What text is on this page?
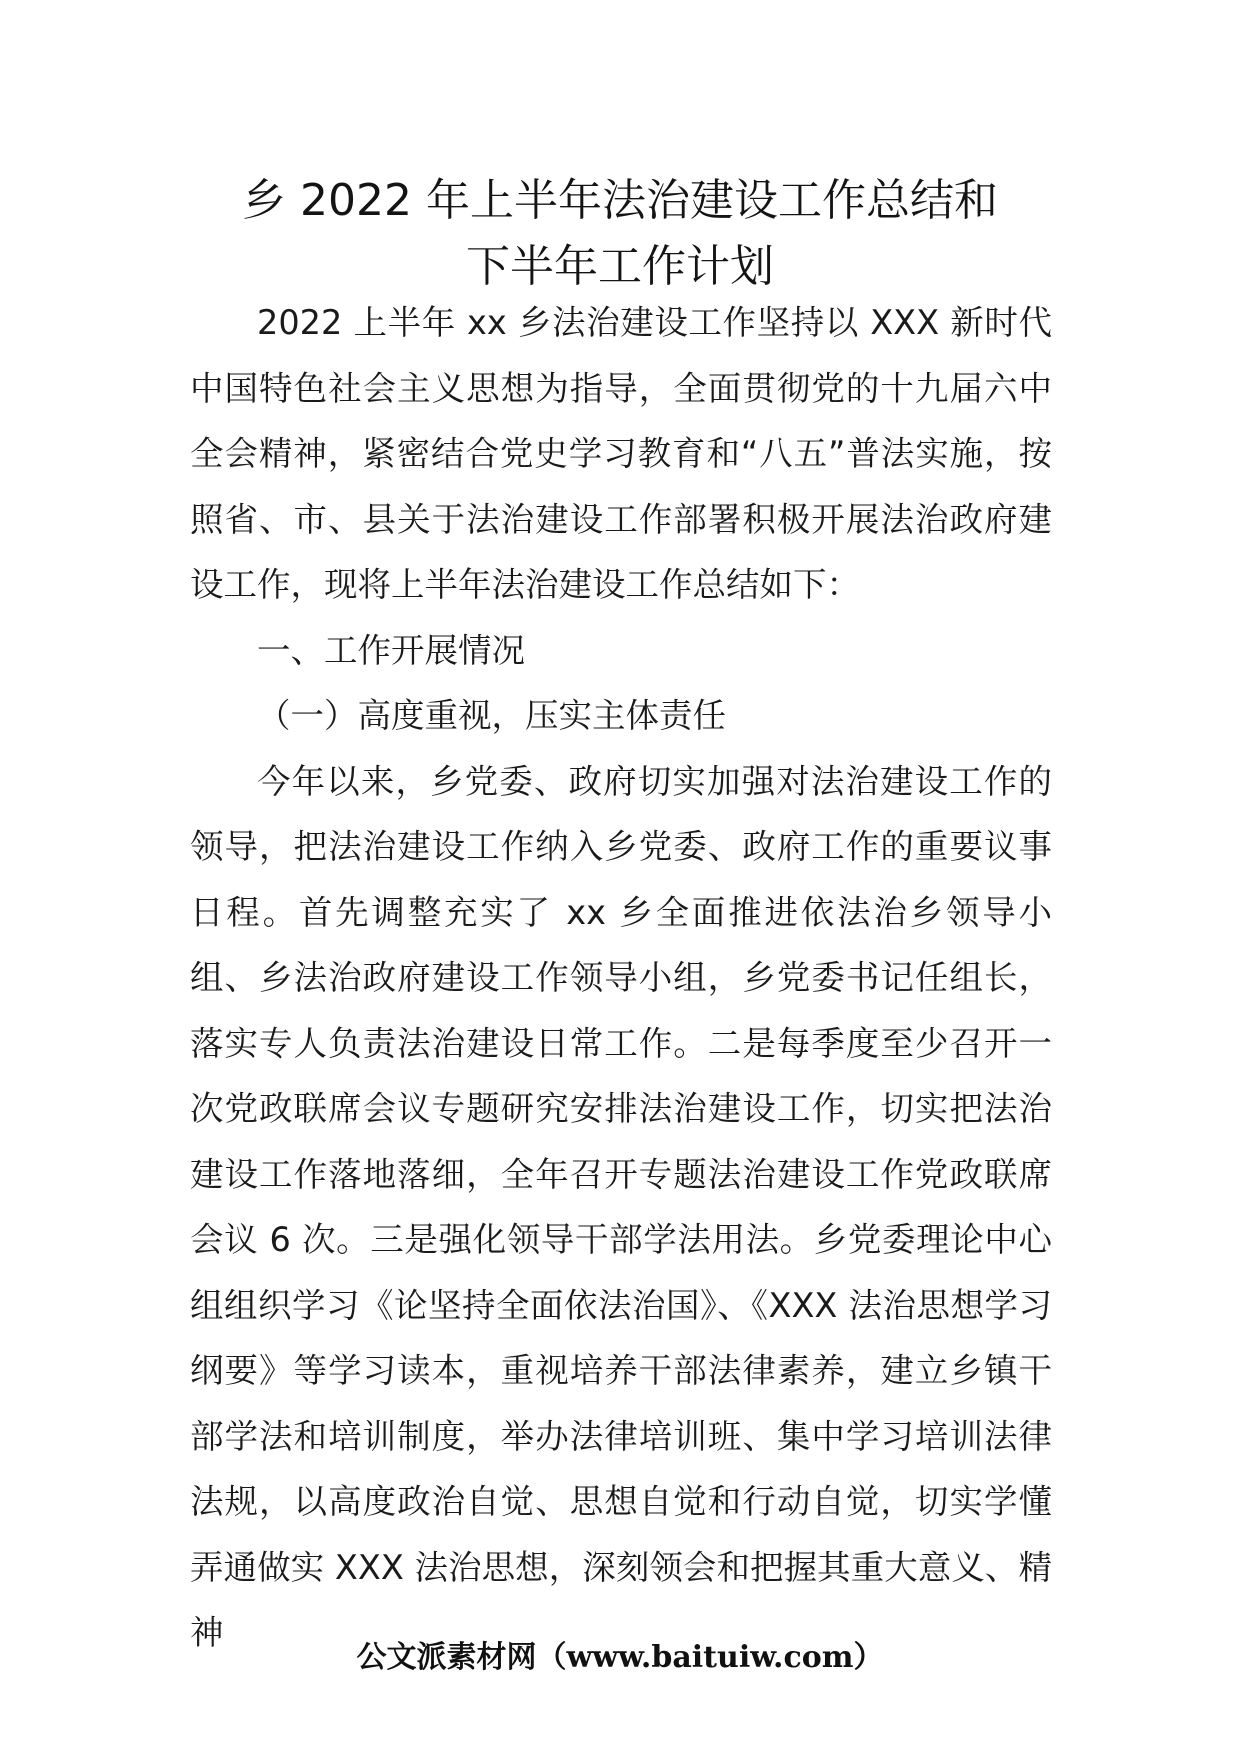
乡 2022 年上半年法治建设工作总结和
下半年工作计划

2022 上半年 xx 乡法治建设工作坚持以 XXX 新时代中国特色社会主义思想为指导，全面贯彻党的十九届六中全会精神，紧密结合党史学习教育和“八五”普法实施，按照省、市、县关于法治建设工作部署积极开展法治政府建设工作，现将上半年法治建设工作总结如下：

一、工作开展情况

（一）高度重视，压实主体责任

今年以来，乡党委、政府切实加强对法治建设工作的领导，把法治建设工作纳入乡党委、政府工作的重要议事日程。首先调整充实了 xx 乡全面推进依法治乡领导小组、乡法治政府建设工作领导小组，乡党委书记任组长，落实专人负责法治建设日常工作。二是每季度至少召开一次党政联席会议专题研究安排法治建设工作，切实把法治建设工作落地落细，全年召开专题法治建设工作党政联席会议 6 次。三是强化领导干部学法用法。乡党委理论中心组组织学习《论坚持全面依法治国》、《XXX 法治思想学习纲要》等学习读本，重视培养干部法律素养，建立乡镇干部学法和培训制度，举办法律培训班、集中学习培训法律法规，以高度政治自觉、思想自觉和行动自觉，切实学懂弄通做实 XXX 法治思想，深刻领会和把握其重大意义、精神

公文派素材网（www.baituiw.com）
